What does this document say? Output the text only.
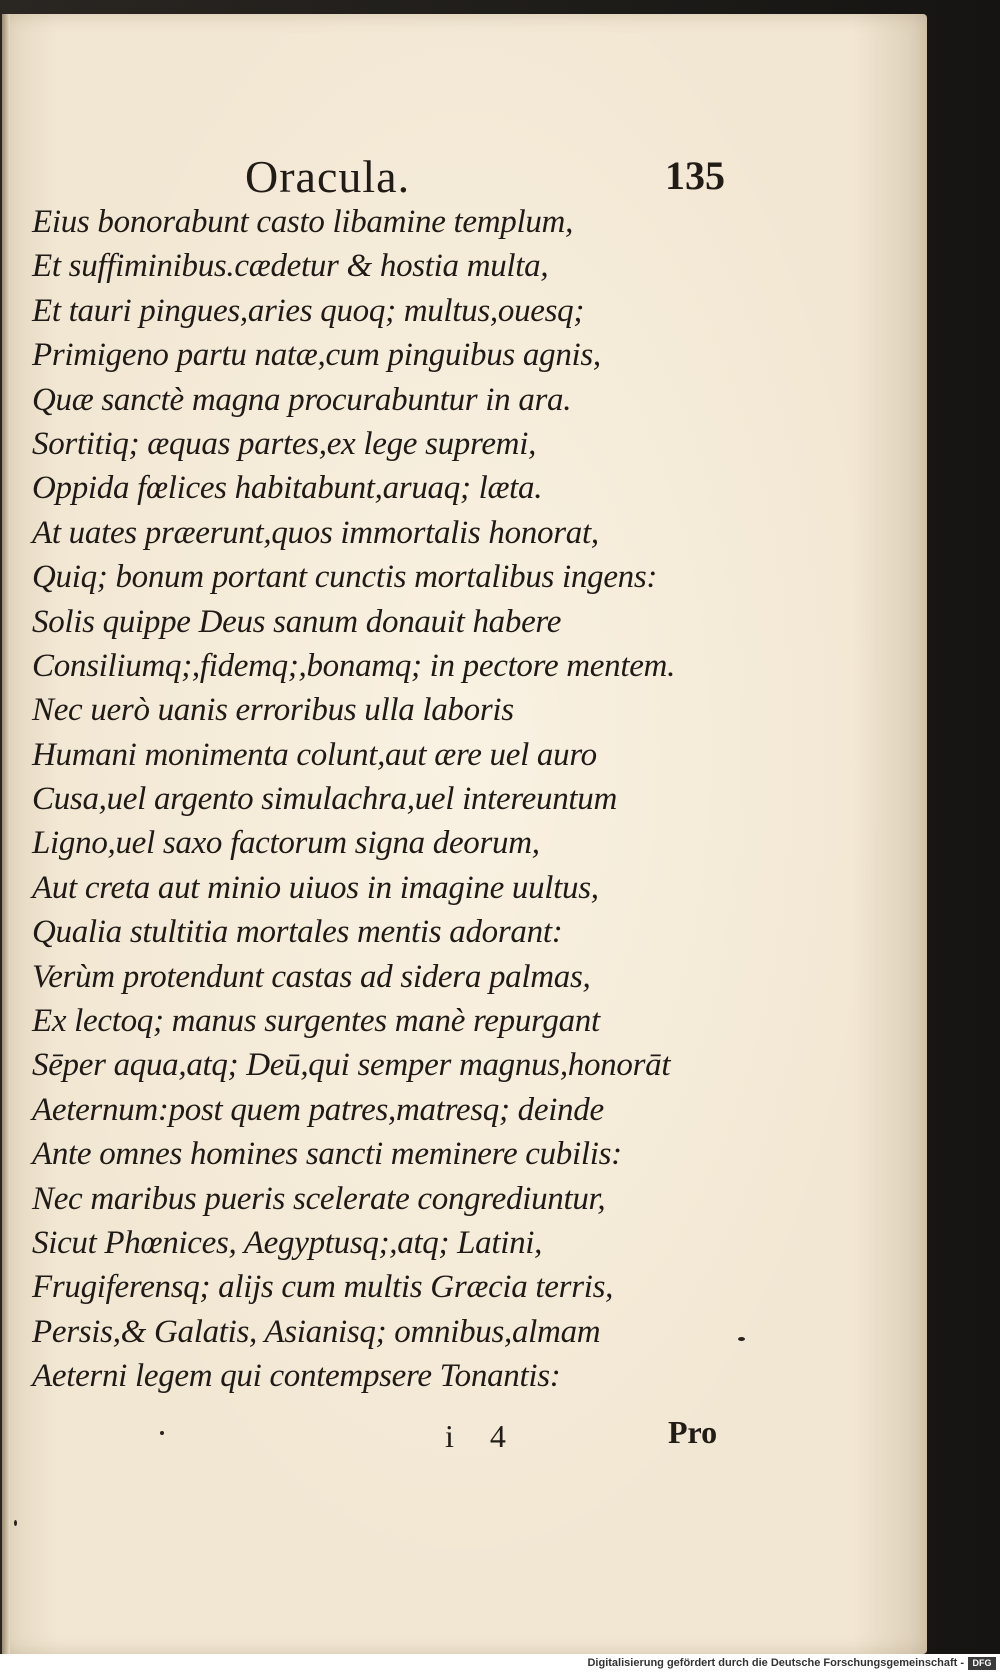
Oracula.	135
Eius bonorabunt casto libamine templum,
Et suffiminibus.cædetur & hostia multa,
Et tauri pingues,aries quoq; multus,ouesq;
Primigeno partu natæ,cum pinguibus agnis,
Quæ sanctè magna procurabuntur in ara.
Sortitiq; æquas partes,ex lege supremi,
Oppida fœlices habitabunt,aruaq; læta.
At uates præerunt,quos immortalis honorat,
Quiq; bonum portant cunctis mortalibus ingens:
Solis quippe Deus sanum donauit habere
Consiliumq;,fidemq;,bonamq; in pectore mentem.
Nec uerò uanis erroribus ulla laboris
Humani monimenta colunt,aut ære uel auro
Cusa,uel argento simulachra,uel intereuntum
Ligno,uel saxo factorum signa deorum,
Aut creta aut minio uiuos in imagine uultus,
Qualia stultitia mortales mentis adorant:
Verùm protendunt castas ad sidera palmas,
Ex lectoq; manus surgentes manè repurgant
Sēper aqua,atq; Deū,qui semper magnus,honorāt
Aeternum:post quem patres,matresq; deinde
Ante omnes homines sancti meminere cubilis:
Nec maribus pueris scelerate congrediuntur,
Sicut Phœnices, Aegyptusq;,atq; Latini,
Frugiferensq; alijs cum multis Græcia terris,
Persis,& Galatis, Asianisq; omnibus,almam
Aeterni legem qui contempsere Tonantis:
i 4	Pro
Digitalisierung gefördert durch die Deutsche Forschungsgemeinschaft - DFG
